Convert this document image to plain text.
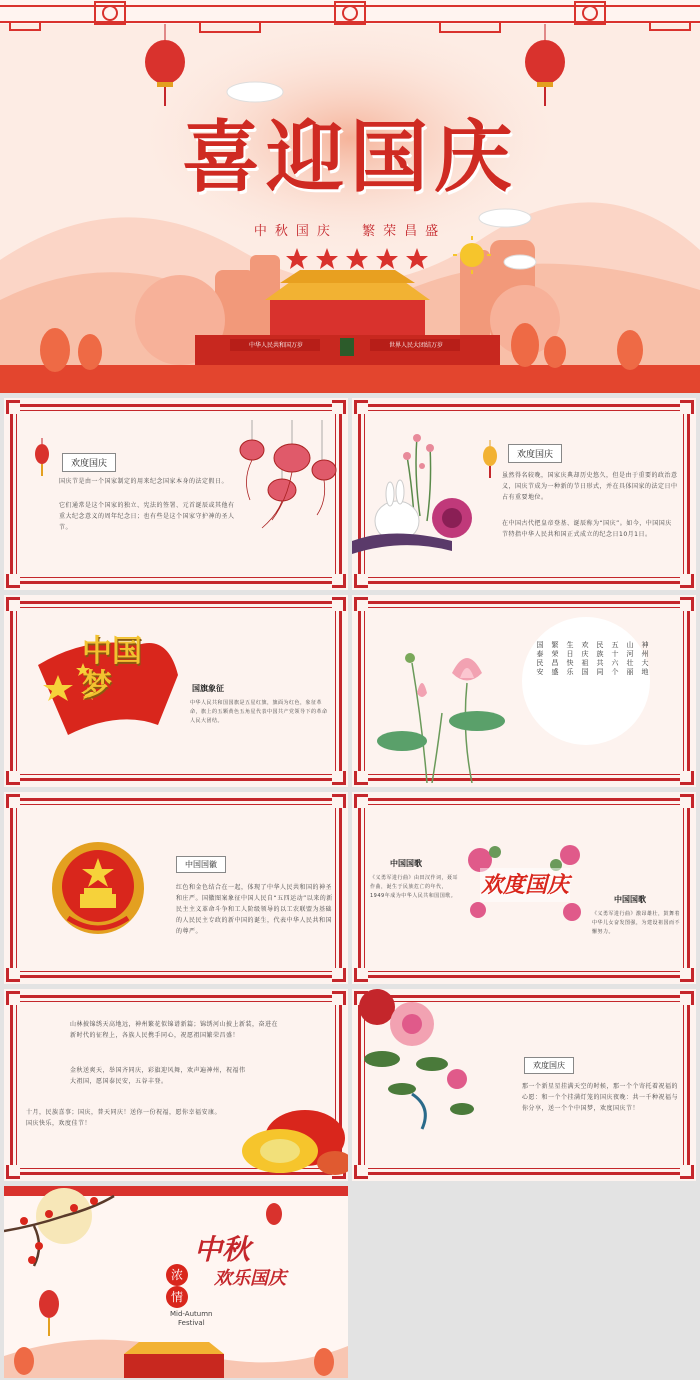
喜迎国庆
中秋国庆  繁荣昌盛
中华人民共和国万岁	世界人民大团结万岁
欢度国庆
国庆节是由一个国家制定的用来纪念国家本身的法定假日。
它们通常是这个国家的独立、宪法的签署、元首诞辰或其他有重大纪念意义的周年纪念日；也有些是这个国家守护神的圣人节。
欢度国庆
虽然得名较晚，国家庆典却历史悠久，但是由于重要的政治意义，国庆节成为一种新的节日形式，并在具体国家的法定日中占有重要地位。
在中国古代把皇帝登基、诞辰称为“国庆”。如今，中国国庆节特指中华人民共和国正式成立的纪念日10月1日。
中国梦	国旗象征
中华人民共和国国旗是五星红旗，旗面为红色，象征革命，旗上的五颗黄色五角星代表中国共产党领导下的革命人民大团结。
神州大地
山河壮丽
五十六个
民族共同
欢庆祖国
生日快乐
繁荣昌盛
国泰民安
中国国徽
红色和金色结合在一起，体现了中华人民共和国的神圣和庄严。国徽图案象征中国人民自“五四运动”以来的新民主主义革命斗争和工人阶级领导的以工农联盟为基础的人民民主专政的新中国的诞生，代表中华人民共和国的尊严。
中国国歌
《义勇军进行曲》由田汉作词，聂耳作曲，诞生于民族危亡的年代，1949年成为中华人民共和国国歌。	欢度国庆
中国国歌
《义勇军进行曲》激昂雄壮，鼓舞着中华儿女奋发图强，为建设祖国而不懈努力。
山林披锦绣天高地远，神州繁花似锦谱新篇；锦绣河山披上新装，奋进在新时代的征程上，各族人民携手同心，祝愿祖国繁荣昌盛！
金秋送爽天，举国齐同庆，彩旗迎风舞，欢声遍神州，祝福伟大祖国，愿国泰民安，五谷丰登。
十月，民族喜事；国庆，普天同庆！送你一份祝福，愿你幸福安康。国庆快乐，欢度佳节！
欢度国庆
那一个新星星挂满天空的时候，那一个个寄托着祝福的心愿：和一个个挂满灯笼的国庆夜晚：共一千种祝福与你分享，送一个个中国梦，欢度国庆节！
浓
情
中秋
欢乐国庆
Mid-Autumn
Festival
